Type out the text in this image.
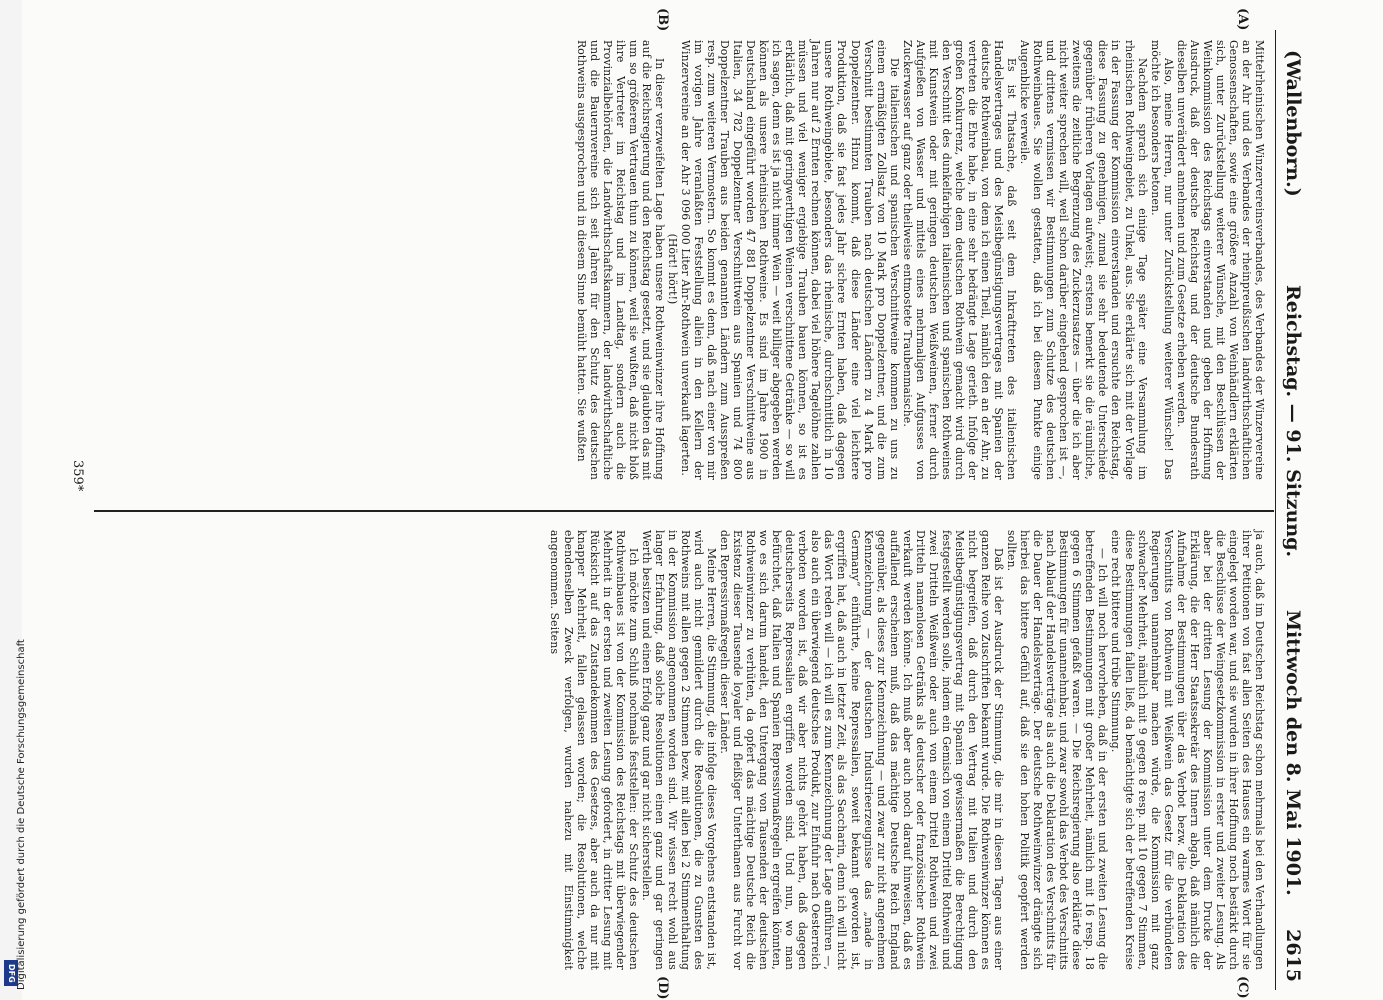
DFG Digitalisierung gefördert durch die Deutsche Forschungsgemeinschaft
(Wallenborn.)
Reichstag. — 91. Sitzung.
Mittwoch den 8. Mai 1901.
2615
(A)
(B)
(C)
(D)

Mittelrheinischen Winzervereinsverbandes, des Verbandes der Winzervereine an der Ahr und des Verbandes der rheinpreußischen landwirthschaftlichen Genossenschaften, sowie eine größere Anzahl von Weinhändlern erklärten sich, unter Zurückstellung weiterer Wünsche, mit den Beschlüssen der Weinkommission des Reichstags einverstanden und geben der Hoffnung Ausdruck, daß der deutsche Reichstag und der deutsche Bundesrath dieselben unverändert annehmen und zum Gesetze erheben werden.

Also, meine Herren, nur unter Zurückstellung weiterer Wünsche! Das möchte ich besonders betonen.

Nachdem sprach sich einige Tage später eine Versammlung im rheinischen Rothweingebiet, zu Unkel, aus. Sie erklärte sich mit der Vorlage in der Fassung der Kommission einverstanden und ersuchte den Reichstag, diese Fassung zu genehmigen, zumal sie sehr bedeutende Unterschiede gegenüber früheren Vorlagen aufweist; erstens bemerkt sie die räumliche, zweitens die zeitliche Begrenzung des Zuckerzusatzes — über die ich aber nicht weiter sprechen will, weil schon darüber eingehend gesprochen ist —, und drittens vermissen wir Bestimmungen zum Schutze des deutschen Rothweinbaues. Sie wollen gestatten, daß ich bei diesem Punkte einige Augenblicke verweile.

Es ist Thatsache, daß seit dem Inkrafttreten des italienischen Handelsvertrages und des Meistbegünstigungsvertrages mit Spanien der deutsche Rothweinbau, von dem ich einen Theil, nämlich den an der Ahr, zu vertreten die Ehre habe, in eine sehr bedrängte Lage gerieth. Infolge der großen Konkurrenz, welche dem deutschen Rothwein gemacht wird durch den Verschnitt des dunkelfarbigen italienischen und spanischen Rothweines mit Kunstwein oder mit geringen deutschen Weißweinen, ferner durch Aufgießen von Wasser und mittels eines mehrmaligen Aufgusses von Zuckerwasser auf ganz oder theilweise entmostete Traubenmaische.

Die italienischen und spanischen Verschnittweine kommen zu uns zu einem ermäßigten Zollsatz von 10 Mark pro Doppelzentner, und die zum Verschnitt bestimmten Trauben nach deutschen Ländern zu 4 Mark pro Doppelzentner. Hinzu kommt, daß diese Länder eine viel leichtere Produktion, daß sie fast jedes Jahr sichere Ernten haben, daß dagegen unsere Rothweingebiete, besonders das rheinische, durchschnittlich in 10 Jahren nur auf 2 Ernten rechnen können, dabei viel höhere Tagelöhne zahlen müssen und viel weniger ergiebige Trauben bauen können, so ist es erklärlich, daß mit geringwerthigen Weinen verschnittene Getränke — so will ich sagen, denn es ist ja nicht immer Wein — weit billiger abgegeben werden können als unsere rheinischen Rothweine. Es sind im Jahre 1900 in Deutschland eingeführt worden 47 881 Doppelzentner Verschnittweine aus Italien, 34 782 Doppelzentner Verschnittwein aus Spanien und 74 800 Doppelzentner Trauben aus beiden genannten Ländern zum Ausspreßen resp. zum weiteren Vermostern. So kommt es denn, daß nach einer von mir im vorigen Jahre veranlaßten Feststellung allein in den Kellern der Winzervereine an der Ahr 3 096 000 Liter Ahr-Rothwein unverkauft lagerten.

(Hört! hört!)

In dieser verzweifelten Lage haben unsere Rothweinwinzer ihre Hoffnung auf die Reichsregierung und den Reichstag gesetzt, und sie glaubten das mit um so größerem Vertrauen thun zu können, weil sie wußten, daß nicht bloß ihre Vertreter im Reichstag und im Landtag, sondern auch die Provinzialbehörden, die Landwirthschaftskammern, der landwirthschaftliche und die Bauernvereine sich seit Jahren für den Schutz des deutschen Rothweins ausgesprochen und in diesem Sinne bemüht hatten. Sie wußten

ja auch, daß im Deutschen Reichstag schon mehrmals bei den Verhandlungen ihrer Petitionen von fast allen Seiten des Hauses ein warmes Wort für sie eingelegt worden war, und sie wurden in ihrer Hoffnung noch bestärkt durch die Beschlüsse der Weingesetzkommission in erster und zweiter Lesung. Als aber bei der dritten Lesung der Kommission unter dem Drucke der Erklärung, die der Herr Staatssekretär des Innern abgab, daß nämlich die Aufnahme der Bestimmungen über das Verbot bezw. die Deklaration des Verschnitts von Rothwein mit Weißwein das Gesetz für die verbündeten Regierungen unannehmbar machen würde, die Kommission mit ganz schwacher Mehrheit, nämlich mit 9 gegen 8 resp. mit 10 gegen 7 Stimmen, diese Bestimmungen fallen ließ, da bemächtigte sich der betreffenden Kreise eine recht bittere und trübe Stimmung.

— Ich will noch hervorheben, daß in der ersten und zweiten Lesung die betreffenden Bestimmungen mit großer Mehrheit, nämlich mit 16 resp. 18 gegen 6 Stimmen gefaßt waren. — Die Reichsregierung also erklärte diese Bestimmungen für unannehmbar, und zwar sowohl das Verbot des Verschnitts nach Ablauf der Handelsverträge als auch die Deklaration des Verschnitts für die Dauer der Handelsverträge. Der deutsche Rothweinwinzer drängte sich hierbei das bittere Gefühl auf, daß sie den hohen Politik geopfert werden sollten.

Daß ist der Ausdruck der Stimmung, die mir in diesen Tagen aus einer ganzen Reihe von Zuschriften bekannt wurde. Die Rothweinwinzer können es nicht begreifen, daß durch den Vertrag mit Italien und durch den Meistbegünstigungsvertrag mit Spanien gewissermaßen die Berechtigung festgestellt werden solle, indem ein Gemisch von einem Drittel Rothwein und zwei Dritteln Weißwein oder auch von einem Drittel Rothwein und zwei Dritteln namenlosen Getränks als deutscher oder französischer Rothwein verkauft werden könne. Ich muß aber auch noch darauf hinweisen, daß es auffallend erscheinen muß, daß das mächtige Deutsche Reich England gegenüber, als dieses zur Kennzeichnung — und zwar zur nicht angenehmen Kennzeichnung — der deutschen Industrieerzeugnisse das „made in Germany“ einführte, keine Repressalien, soweit bekannt geworden ist, ergriffen hat, daß auch in letzter Zeit, als das Saccharin, denn ich will nicht das Wort reden will — ich will es zum Kennzeichnung der Lage anführen —, also auch ein überwiegend deutsches Produkt, zur Einfuhr nach Oesterreich verboten worden ist, daß wir aber nichts gehört haben, daß dagegen deutscherseits Repressalien ergriffen worden sind. Und nun, wo man befürchtet, daß Italien und Spanien Repressivmaßregeln ergreifen könnten, wo es sich darum handelt, den Untergang von Tausenden der deutschen Rothweinwinzer zu verhüten, da opfert das mächtige Deutsche Reich die Existenz dieser Tausende loyaler und fleißiger Unterthanen aus Furcht vor den Repressivmaßregeln dieser Länder.

Meine Herren, die Stimmung, die infolge dieses Vorgehens entstanden ist, wird auch nicht gemildert durch die Resolutionen, die zu Gunsten des Rothweins mit allen gegen 2 Stimmen bezw. mit allen bei 2 Stimmenthaltung in der Kommission angenommen worden sind. Wir wissen recht wohl aus langer Erfahrung, daß solche Resolutionen einen ganz und gar geringen Werth besitzen und einen Erfolg ganz und gar nicht sicherstellen.

Ich möchte zum Schluß nochmals feststellen: der Schutz des deutschen Rothweinbaues ist von der Kommission des Reichstags mit überwiegender Mehrheit in der ersten und zweiten Lesung gefordert, in dritter Lesung mit Rücksicht auf das Zustandekommen des Gesetzes, aber auch da nur mit knapper Mehrheit, fallen gelassen worden; die Resolutionen, welche ebendenselben Zweck verfolgen, wurden nahezu mit Einstimmigkeit angenommen. Seitens

359*
